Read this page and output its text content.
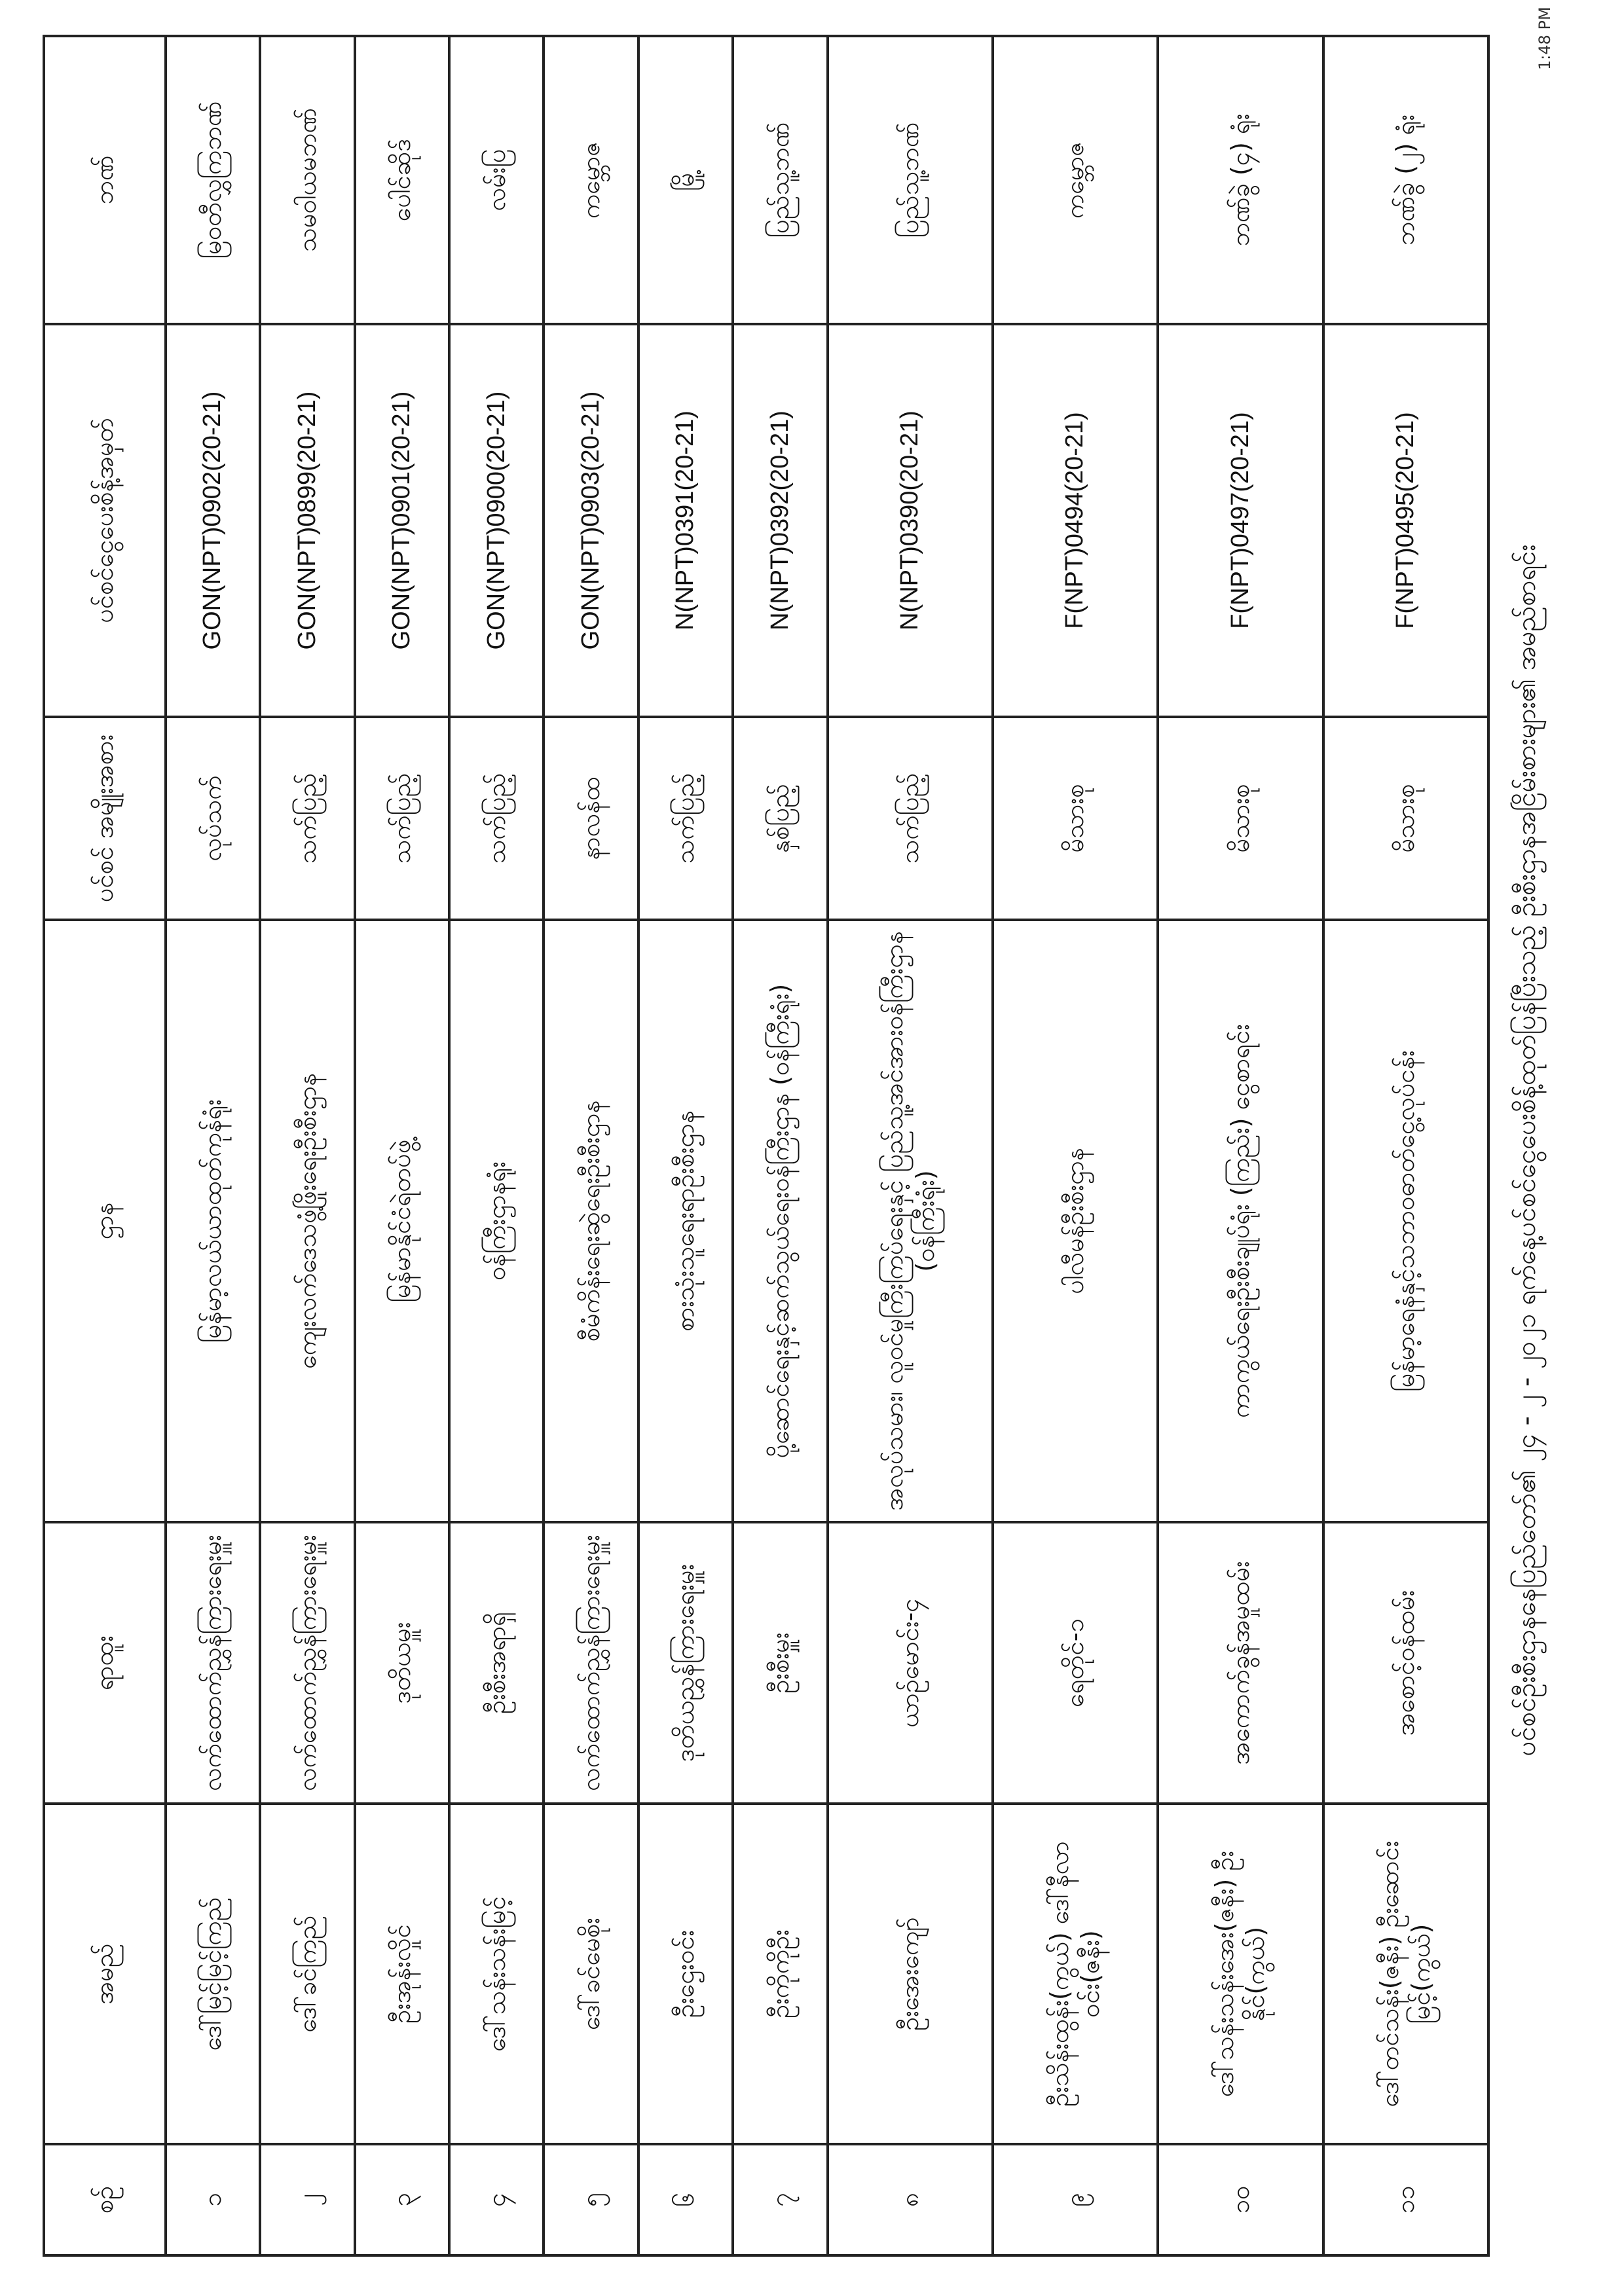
ပင်စင်ဦးစီးဌာနနေပြည်တော်၏ ၂၄ - ၂ - ၂၀၂၁ ရက်နေ့ပင်စင်ငွေပေးစိန့်ထုတ်ပြန်ပြီးသည့် ဦးစီးဌာနအငြိမ်းစားများ၏ အမည်စာရင်း
1:48 PM
စဉ်	အမည်	ရာထူး	ဌာန	ပင်စင် အမျိုးအစား	ပင်စင်ငွေပေးစိန့်အမှတ်	ဘဏ်
၁	ဒေါ်မြင့်မြင့်ကြည်	လက်ထောက်ညွှန်ကြားရေးမှူး	မြန်မာ့လယ်ယာထုတ်ကုန်ရုံး	လုပ်သက်	GON(NPT)0902(20-21)	မြဝတီလွှကြဘဏ်
၂	ဒေါ်ခင်ကြည်	လက်ထောက်ညွှန်ကြားရေးမှူး	ကျေးလက်ဒေသဖွံ့ဖြိုးရေးဦးစီးဌာန	သက်ပြည့်	GON(NPT)0899(20-21)	သမဝါယမဘဏ်
၃	ဦးအုန်းလှိုင်	ဒုတိယမှူး	မြန်မာနိုင်ငံရဲတပ်ဖွဲ့	သက်ပြည့်	GON(NPT)0901(20-21)	ပေါင်ဆိုဒ်
၄	ဒေါ်သန်းသန်းမြင့်	ဦးစီးအရာရှိ	ဝန်ကြီးဌာနရုံး	သက်ပြည့်	GON(NPT)0900(20-21)	လမ်းပြ
၅	ဒေါ်ခင်မေစိုး	လက်ထောက်ညွှန်ကြားရေးမှူး	စီမံကိန်းရေးဆွဲရေးဦးစီးဌာန	နာလန်ထ	GON(NPT)0903(20-21)	ကမ္ဘောဇ
၆	ဦးဌေးဝင်း	ဒုတိယညွှန်ကြားရေးမှူး	စားသုံးသူရေးရာဦးစီးဌာန	သက်ပြည့်	N(NPT)0391(20-21)	မြို့
၇	ဦးကိုကိုဦး	ဦးစီးမှူး	ပို့ဆောင်ရေးနှင့်ဆက်သွယ်ရေးဝန်ကြီးဌာန (ဝန်ကြီးရုံး)	နှစ်ပြည့်	N(NPT)0392(20-21)	ပြည်သူ့ဘဏ်
၈	ဦးအေးကျော်	ယာဉ်မောင်း-၄	အလုပ်သမား၊ လူဝင်မှုကြီးကြပ်ရေးနှင့် ပြည်သူ့အင်အားဝန်ကြီးဌာန (ဝန်ကြီးရုံး)	သက်ပြည့်	N(NPT)0390(20-21)	ပြည်သူ့ဘဏ်
၉	ဦးသိန်းထွန်း(ကွယ်) ဒေါ်နီလာဝင်း(ဇနီး)	ရေတိုင်-၁	ပါလီမန်ဦးစီးဌာန	မိသားစု	F(NPT)0494(20-21)	ကမ္ဘောဇ
၁၀	ဒေါ်သန်းသန်းအေး(ဇနီး) ဦးနိုင်(ကွယ်)	အကောက်ခွန်အမှုထမ်း	ကာကွယ်ရေးဦးစီးချုပ်ရုံး (ကြည်း) ငွေစာရင်း	မိသားစု	F(NPT)0497(20-21)	ဘဏ်ခွဲ (၄) ရုံး
၁၁	ဒေါ်တင်သန်း(ဇနီး) ဦးဆောင်းမြင့်(ကွယ်)	အစောင့်ဝန်ထမ်း	မြန်မာ့ရေနံနှင့်သဘာဝဓာတ်ငွေ့လုပ်ငန်း	မိသားစု	F(NPT)0495(20-21)	ဘဏ်ခွဲ (၂) ရုံး
